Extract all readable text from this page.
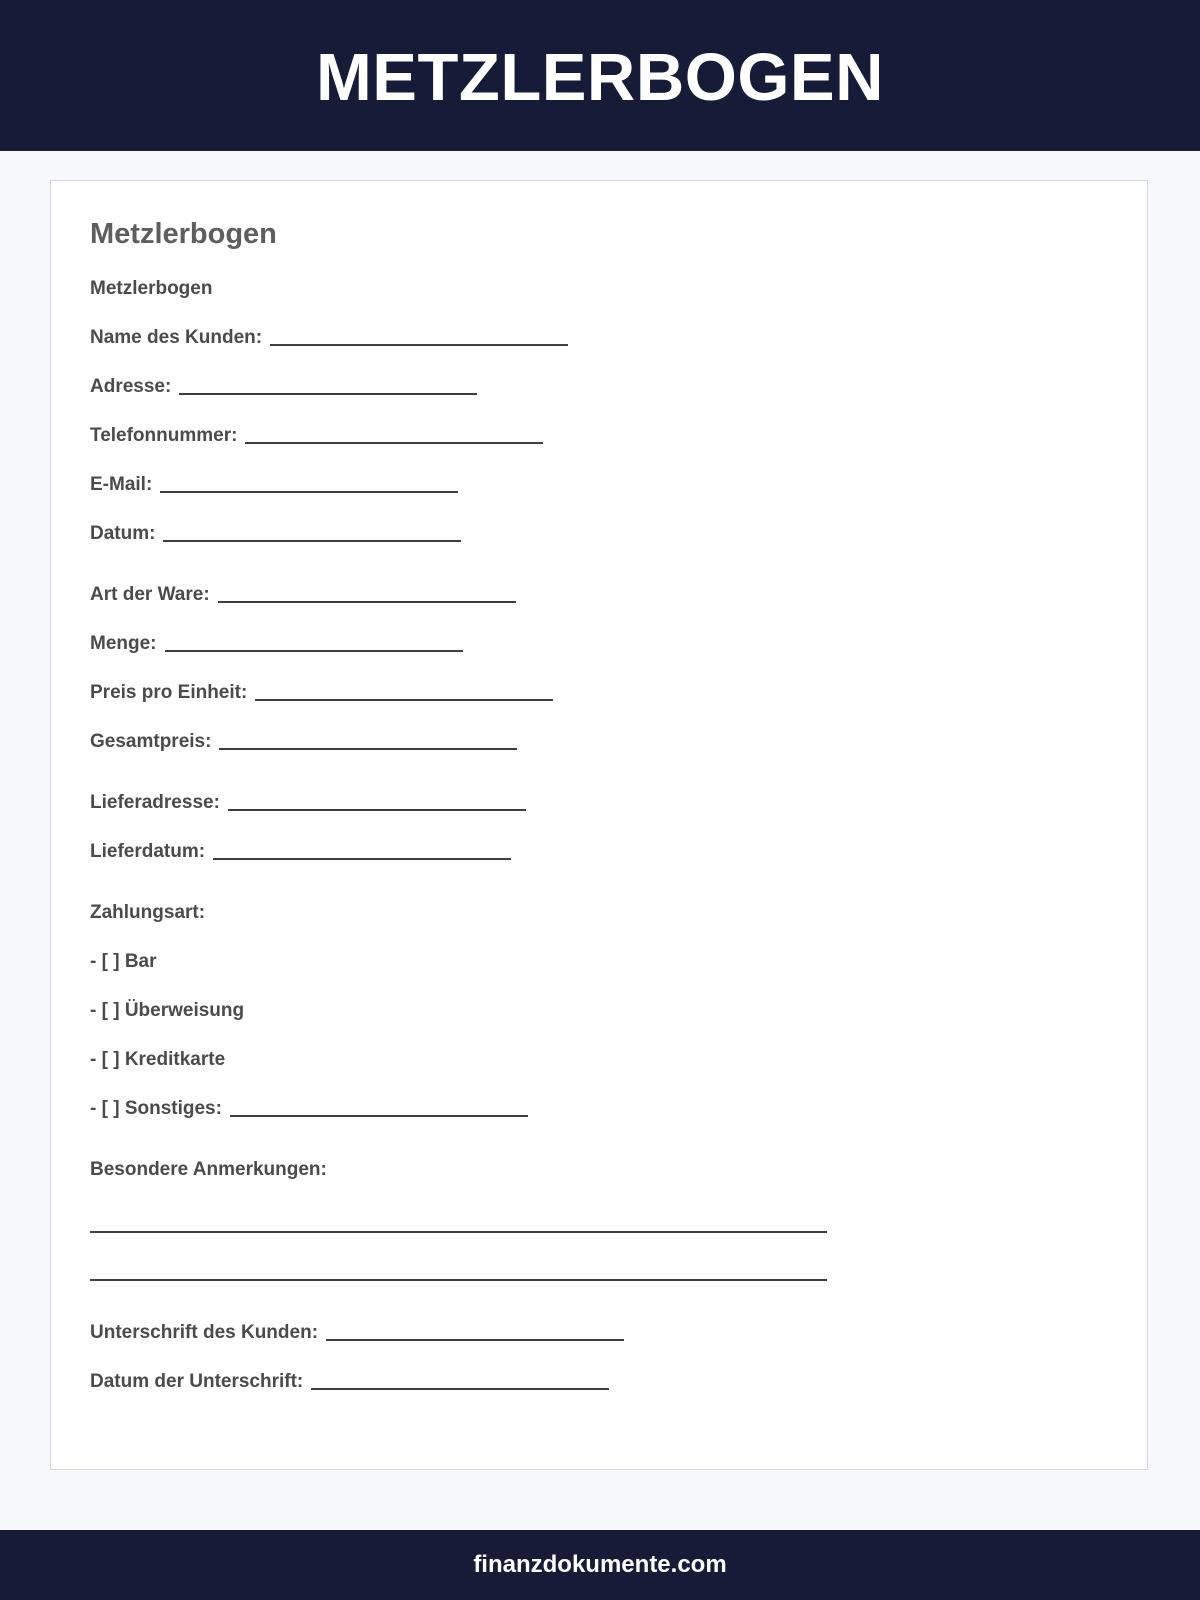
METZLERBOGEN
Metzlerbogen
Metzlerbogen
Name des Kunden:
Adresse:
Telefonnummer:
E-Mail:
Datum:
Art der Ware:
Menge:
Preis pro Einheit:
Gesamtpreis:
Lieferadresse:
Lieferdatum:
Zahlungsart:
- [ ] Bar
- [ ] Überweisung
- [ ] Kreditkarte
- [ ] Sonstiges:
Besondere Anmerkungen:
Unterschrift des Kunden:
Datum der Unterschrift:
finanzdokumente.com
